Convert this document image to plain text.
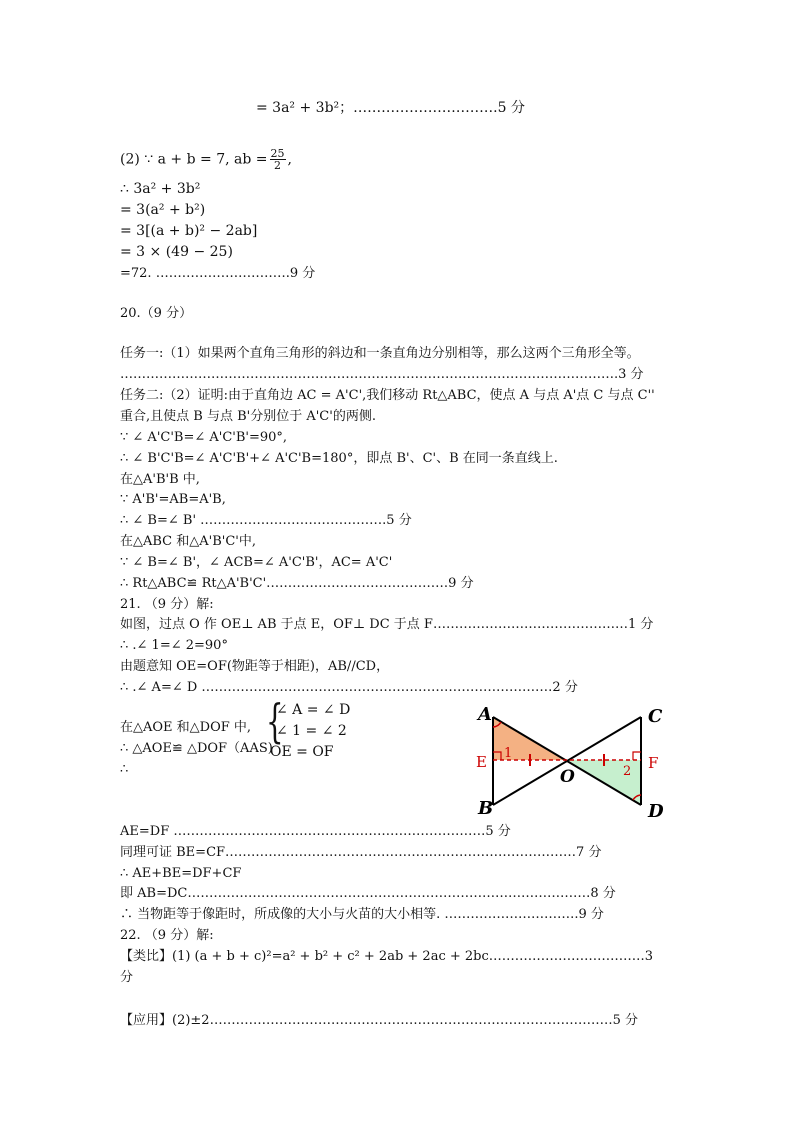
= 3a² + 3b²；………………………….5 分
(2) ∵ a + b = 7, ab = $\frac{25}{2}$ ,
∴ 3a² + 3b²
= 3(a² + b²)
= 3[(a + b)² − 2ab]
= 3 × (49 − 25)
=72. ………………………….9 分
20.（9 分）
任务一:（1）如果两个直角三角形的斜边和一条直角边分别相等，那么这两个三角形全等。
…………………………………………………………………………………………………….3 分
任务二:（2）证明:由于直角边 AC = A'C',我们移动 Rt△ABC，使点 A 与点 A'点 C 与点 C''
重合,且使点 B 与点 B'分别位于 A'C'的两侧.
∵ ∠ A'C'B=∠ A'C'B'=90°,
∴ ∠ B'C'B=∠ A'C'B'+∠ A'C'B=180°，即点 B'、C'、B 在同一条直线上.
在△A'B'B 中,
∵ A'B'=AB=A'B,
∴ ∠ B=∠ B' …………………………………….5 分
在△ABC 和△A'B'C'中,
∵ ∠ B=∠ B'，∠ ACB=∠ A'C'B'，AC= A'C'
∴ Rt△ABC≌ Rt△A'B'C'……………………………………9 分
21. （9 分）解:
如图，过点 O 作 OE⊥ AB 于点 E，OF⊥ DC 于点 F………………………………………1 分
∴ .∠ 1=∠ 2=90°
由题意知 OE=OF(物距等于相距)，AB//CD，
∴ .∠ A=∠ D ………………………………………………………………………2 分
在△AOE 和△DOF 中, {
∠ A = ∠ D
∠ 1 = ∠ 2
OE = OF
∴ △AOE≌ △DOF（AAS)
∴
A
B
C
D
E	F
O
1
2
AE=DF ………………………………………………………………5 分
同理可证 BE=CF………………………………………………………………………7 分
∴ AE+BE=DF+CF
即 AB=DC…………………………………………………………………………………8 分
∴ 当物距等于像距时，所成像的大小与火苗的大小相等. ………………………….9 分
22. （9 分）解:
【类比】(1) (a + b + c)²=a² + b² + c² + 2ab + 2ac + 2bc………………………………3
分
【应用】(2)±2…………………………………………………………………………………5 分
